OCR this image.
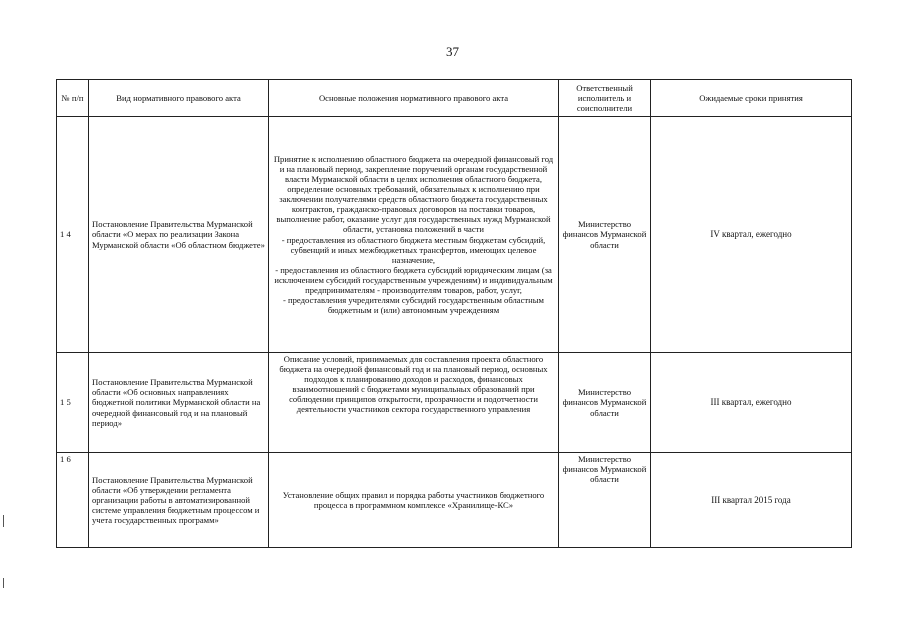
37
№ п/п	Вид нормативного правового акта	Основные положения нормативного правового акта	Ответственный исполнитель и соисполнители	Ожидаемые сроки принятия
1 4	Постановление Правительства Мурманской области «О мерах по реализации Закона Мурманской области «Об областном бюджете»	Принятие к исполнению областного бюджета на очередной финансовый год и на плановый период, закрепление поручений органам государственной власти Мурманской области в целях исполнения областного бюджета, определение основных требований, обязательных к исполнению при заключении получателями средств областного бюджета государственных контрактов, гражданско-правовых договоров на поставки товаров, выполнение работ, оказание услуг для государственных нужд Мурманской области, установка положений в части

- предоставления из областного бюджета местным бюджетам субсидий, субвенций и иных межбюджетных трансфертов, имеющих целевое назначение,

- предоставления из областного бюджета субсидий юридическим лицам (за исключением субсидий государственным учреждениям) и индивидуальным предпринимателям - производителям товаров, работ, услуг,

- предоставления учредителями субсидий государственным областным бюджетным и (или) автономным учреждениям	Министерство финансов Мурманской области	IV квартал, ежегодно
1 5	Постановление Правительства Мурманской области «Об основных направлениях бюджетной политики Мурманской области на очередной финансовый год и на плановый период»	Описание условий, принимаемых для составления проекта областного бюджета на очередной финансовый год и на плановый период, основных подходов к планированию доходов и расходов, финансовых взаимоотношений с бюджетами муниципальных образований при соблюдении принципов открытости, прозрачности и подотчетности деятельности участников сектора государственного управления	Министерство финансов Мурманской области	III квартал, ежегодно
1 6	Постановление Правительства Мурманской области «Об утверждении регламента организации работы в автоматизированной системе управления бюджетным процессом и учета государственных программ»	Установление общих правил и порядка работы участников бюджетного процесса в программном комплексе «Хранилище-КС»	Министерство финансов Мурманской области	III квартал 2015 года
